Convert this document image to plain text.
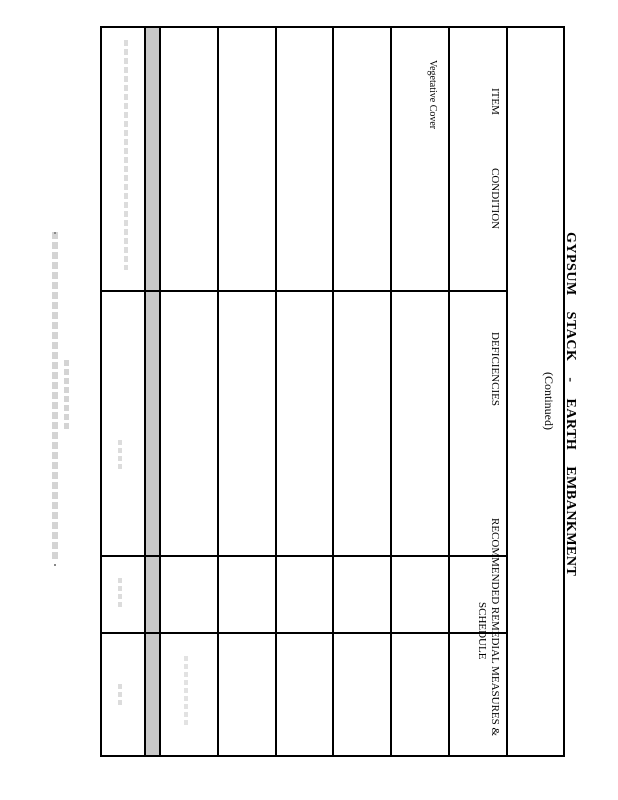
GYPSUM STACK - EARTH EMBANKMENT
(Continued)
ITEM
CONDITION
DEFICIENCIES
RECOMMENDED REMEDIAL MEASURES &
SCHEDULE
Vegetative Cover
